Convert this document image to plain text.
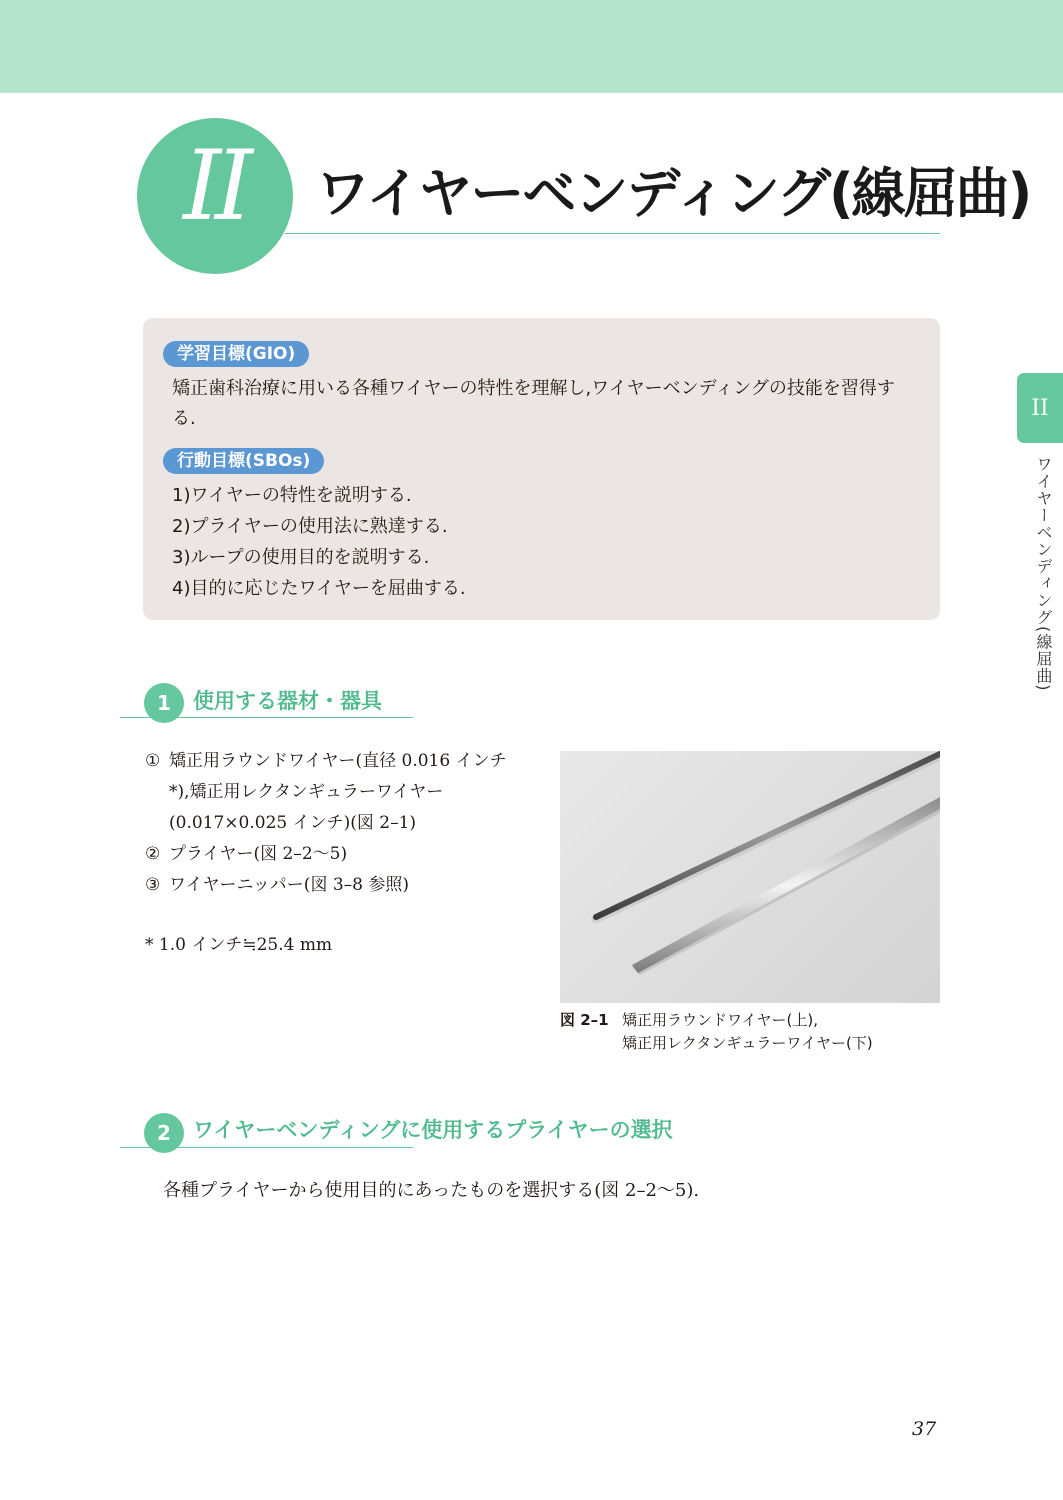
II	ワイヤーベンディング(線屈曲)
II
ワイヤーベンディング(線屈曲)
学習目標(GIO)
矯正歯科治療に用いる各種ワイヤーの特性を理解し,ワイヤーベンディングの技能を習得する.
行動目標(SBOs)
1)ワイヤーの特性を説明する.
2)プライヤーの使用法に熟達する.
3)ループの使用目的を説明する.
4)目的に応じたワイヤーを屈曲する.
1	使用する器材・器具
① 矯正用ラウンドワイヤー(直径 0.016 インチ*),矯正用レクタンギュラーワイヤー(0.017×0.025 インチ)(図 2–1)
② プライヤー(図 2–2〜5)
③ ワイヤーニッパー(図 3–8 参照)
* 1.0 インチ≒25.4 mm
図 2–1 矯正用ラウンドワイヤー(上),
矯正用レクタンギュラーワイヤー(下)
2	ワイヤーベンディングに使用するプライヤーの選択
各種プライヤーから使用目的にあったものを選択する(図 2–2〜5).
37
